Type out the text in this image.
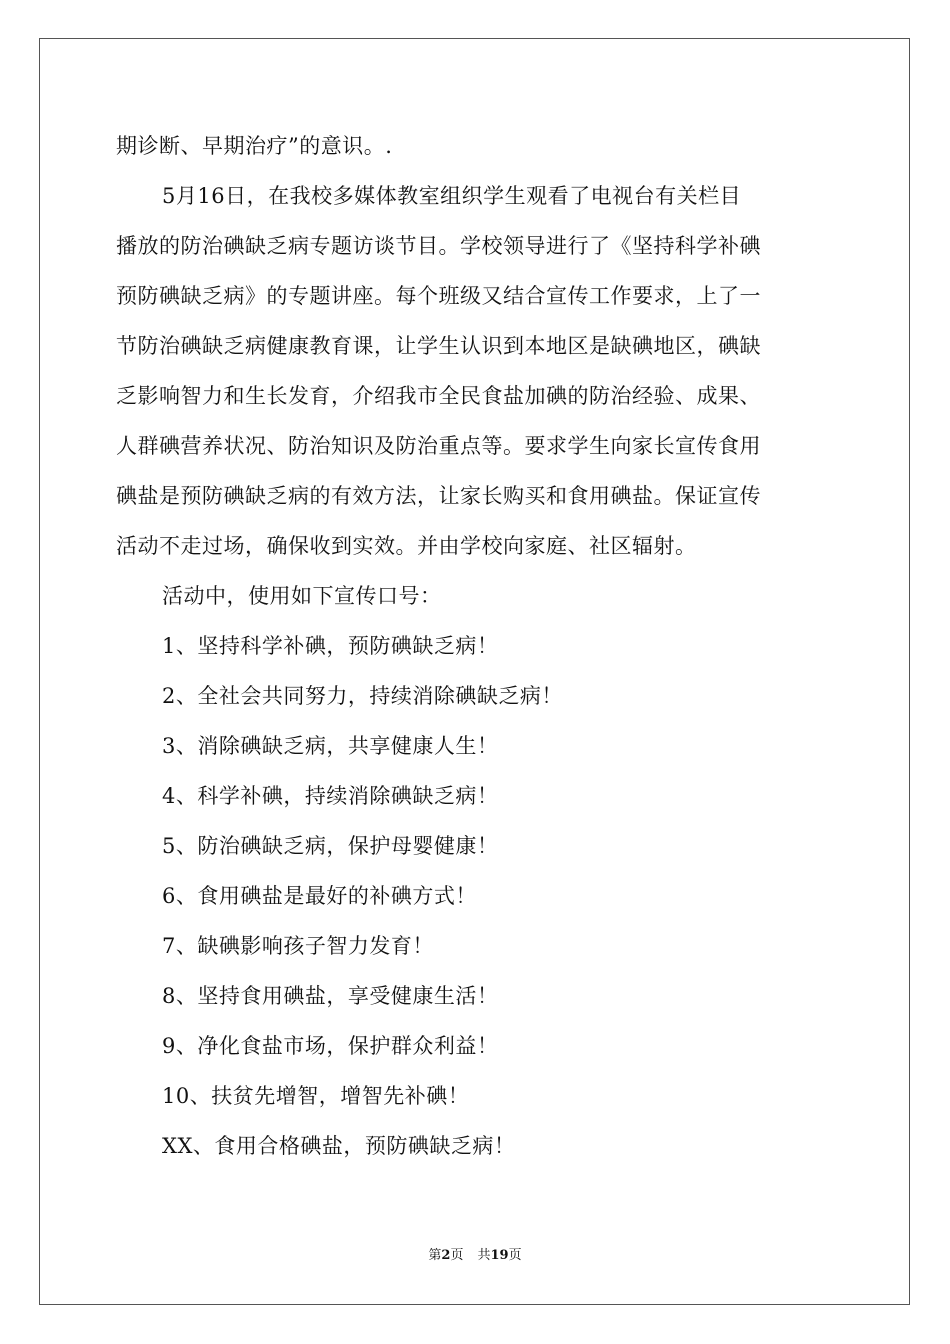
期诊断、早期治疗”的意识。.
5月16日，在我校多媒体教室组织学生观看了电视台有关栏目
播放的防治碘缺乏病专题访谈节目。学校领导进行了《坚持科学补碘
预防碘缺乏病》的专题讲座。每个班级又结合宣传工作要求，上了一
节防治碘缺乏病健康教育课，让学生认识到本地区是缺碘地区，碘缺
乏影响智力和生长发育，介绍我市全民食盐加碘的防治经验、成果、
人群碘营养状况、防治知识及防治重点等。要求学生向家长宣传食用
碘盐是预防碘缺乏病的有效方法，让家长购买和食用碘盐。保证宣传
活动不走过场，确保收到实效。并由学校向家庭、社区辐射。
活动中，使用如下宣传口号：
1、坚持科学补碘，预防碘缺乏病！
2、全社会共同努力，持续消除碘缺乏病！
3、消除碘缺乏病，共享健康人生！
4、科学补碘，持续消除碘缺乏病！
5、防治碘缺乏病，保护母婴健康！
6、食用碘盐是最好的补碘方式！
7、缺碘影响孩子智力发育！
8、坚持食用碘盐，享受健康生活！
9、净化食盐市场，保护群众利益！
10、扶贫先增智，增智先补碘！
XX、食用合格碘盐，预防碘缺乏病！
第2页 共19页
